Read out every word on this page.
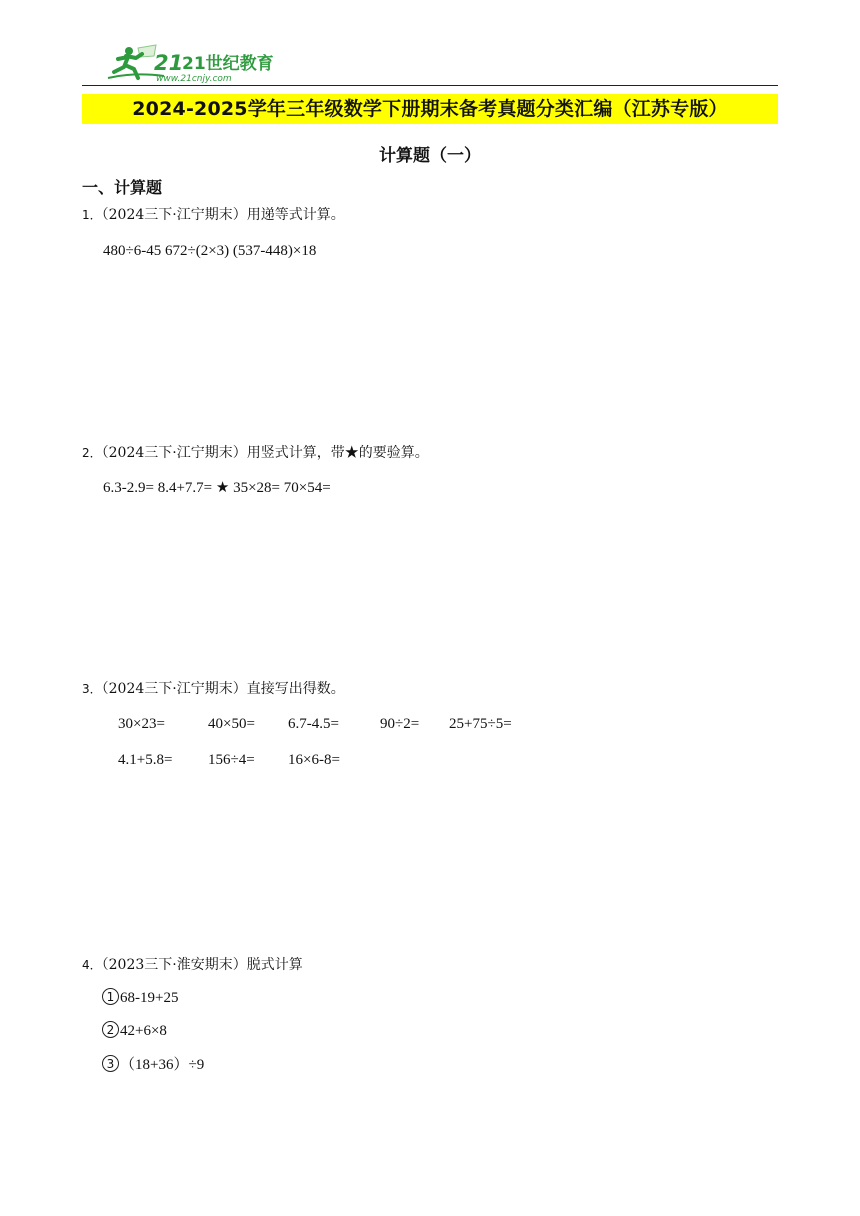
21
21世纪教育
www.21cnjy.com
2024-2025学年三年级数学下册期末备考真题分类汇编（江苏专版）
计算题（一）
一、计算题
1．（2024三下·江宁期末）用递等式计算。
480÷6-45 672÷(2×3) (537-448)×18
2．（2024三下·江宁期末）用竖式计算，带★的要验算。
6.3-2.9= 8.4+7.7= ★ 35×28= 70×54=
3．（2024三下·江宁期末）直接写出得数。
30×23=	40×50= 6.7-4.5=	90÷2= 25+75÷5=
4.1+5.8= 156÷4= 16×6-8=
4．（2023三下·淮安期末）脱式计算
1 68-19+25
2 42+6×8
3 （18+36）÷9
